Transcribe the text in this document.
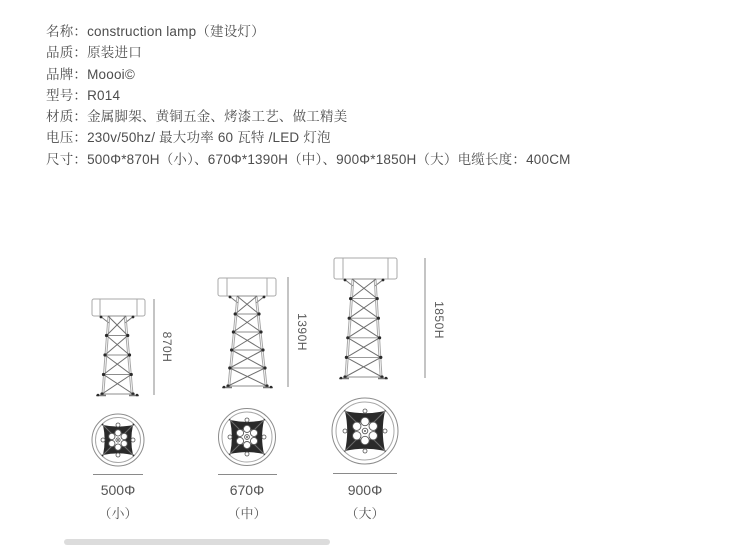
名称：construction lamp（建设灯）
品质：原装进口
品牌：Moooi©
型号：R014
材质：金属脚架、黄铜五金、烤漆工艺、做工精美
电压：230v/50hz/ 最大功率 60 瓦特 /LED 灯泡
尺寸：500Φ*870H（小）、670Φ*1390H（中）、900Φ*1850H（大）电缆长度：400CM
870H	1390H	1850H
500Φ	670Φ	900Φ
（小）	（中）	（大）
